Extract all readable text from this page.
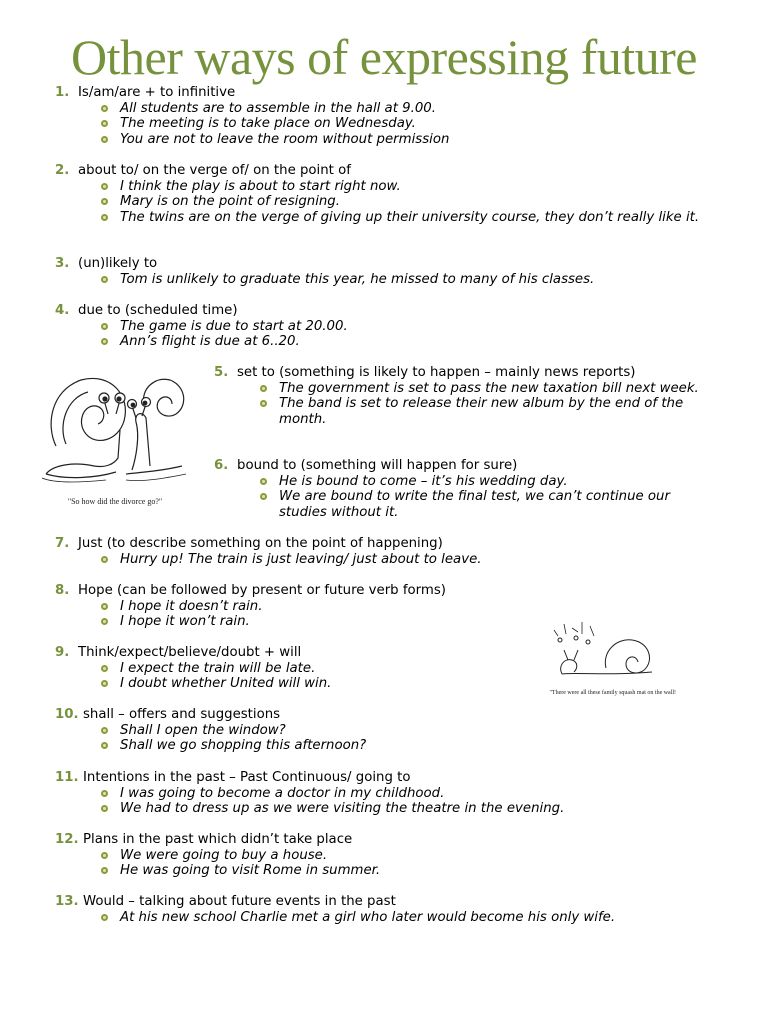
Other ways of expressing future
1. Is/am/are + to infinitive
All students are to assemble in the hall at 9.00.
The meeting is to take place on Wednesday.
You are not to leave the room without permission
2. about to/ on the verge of/ on the point of
I think the play is about to start right now.
Mary is on the point of resigning.
The twins are on the verge of giving up their university course, they don’t really like it.
3. (un)likely to
Tom is unlikely to graduate this year, he missed to many of his classes.
4. due to (scheduled time)
The game is due to start at 20.00.
Ann’s flight is due at 6..20.
"So how did the divorce go?"
5. set to (something is likely to happen – mainly news reports)
The government is set to pass the new taxation bill next week.
The band is set to release their new album by the end of the month.
6. bound to (something will happen for sure)
He is bound to come – it’s his wedding day.
We are bound to write the final test, we can’t continue our studies without it.
7. Just (to describe something on the point of happening)
Hurry up! The train is just leaving/ just about to leave.
8. Hope (can be followed by present or future verb forms)
I hope it doesn’t rain.
I hope it won’t rain.
"There were all these family squash mat on the wall!"
9. Think/expect/believe/doubt + will
I expect the train will be late.
I doubt whether United will win.
10. shall – offers and suggestions
Shall I open the window?
Shall we go shopping this afternoon?
11. Intentions in the past – Past Continuous/ going to
I was going to become a doctor in my childhood.
We had to dress up as we were visiting the theatre in the evening.
12. Plans in the past which didn’t take place
We were going to buy a house.
He was going to visit Rome in summer.
13. Would – talking about future events in the past
At his new school Charlie met a girl who later would become his only wife.
